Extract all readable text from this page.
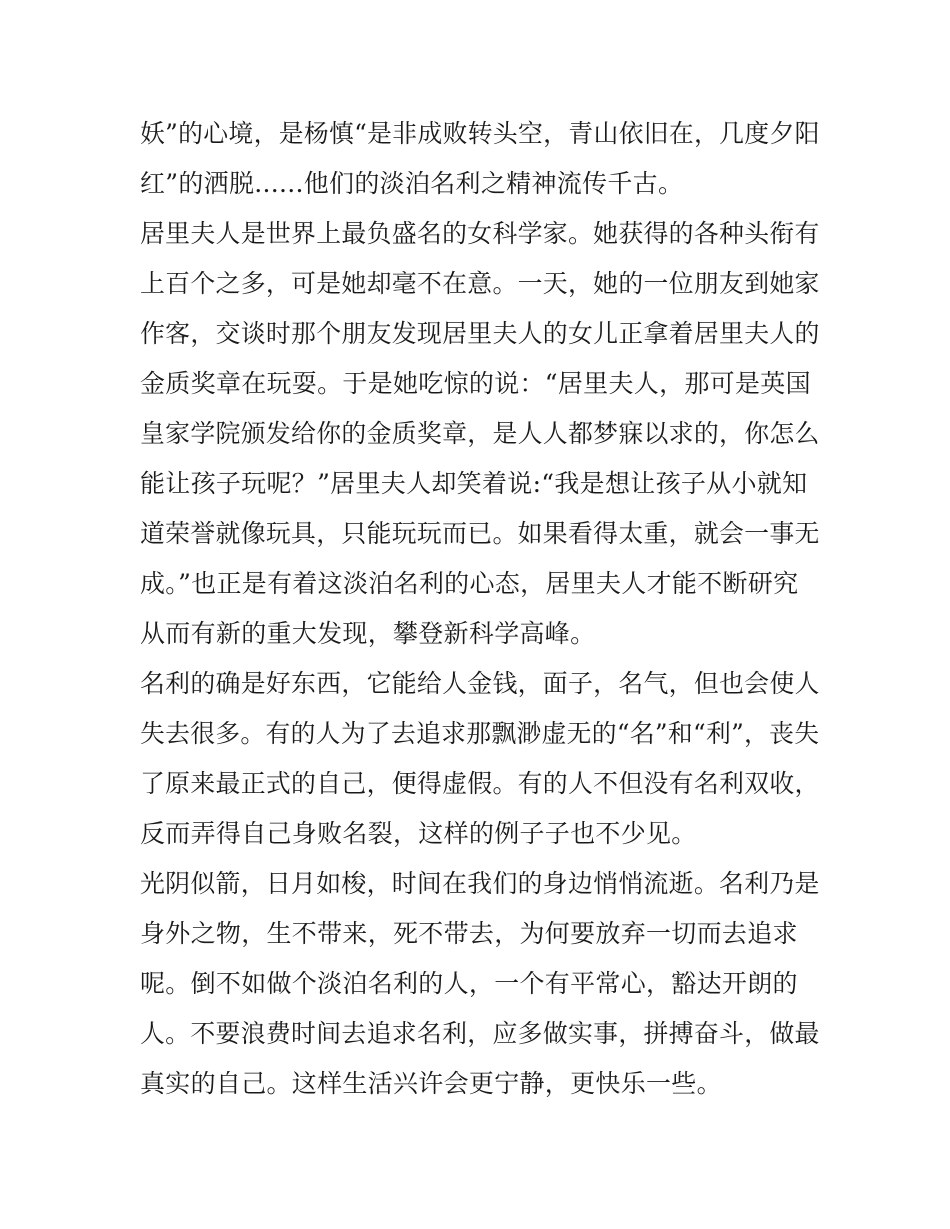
妖”的心境，是杨慎“是非成败转头空，青山依旧在，几度夕阳
红”的洒脱......他们的淡泊名利之精神流传千古。
居里夫人是世界上最负盛名的女科学家。她获得的各种头衔有
上百个之多，可是她却毫不在意。一天，她的一位朋友到她家
作客，交谈时那个朋友发现居里夫人的女儿正拿着居里夫人的
金质奖章在玩耍。于是她吃惊的说：“居里夫人，那可是英国
皇家学院颁发给你的金质奖章，是人人都梦寐以求的，你怎么
能让孩子玩呢？”居里夫人却笑着说:“我是想让孩子从小就知
道荣誉就像玩具，只能玩玩而已。如果看得太重，就会一事无
成。”也正是有着这淡泊名利的心态，居里夫人才能不断研究
从而有新的重大发现，攀登新科学高峰。
名利的确是好东西，它能给人金钱，面子，名气，但也会使人
失去很多。有的人为了去追求那飘渺虚无的“名”和“利”，丧失
了原来最正式的自己，便得虚假。有的人不但没有名利双收，
反而弄得自己身败名裂，这样的例子子也不少见。
光阴似箭，日月如梭，时间在我们的身边悄悄流逝。名利乃是
身外之物，生不带来，死不带去，为何要放弃一切而去追求
呢。倒不如做个淡泊名利的人，一个有平常心，豁达开朗的
人。不要浪费时间去追求名利，应多做实事，拼搏奋斗，做最
真实的自己。这样生活兴许会更宁静，更快乐一些。
